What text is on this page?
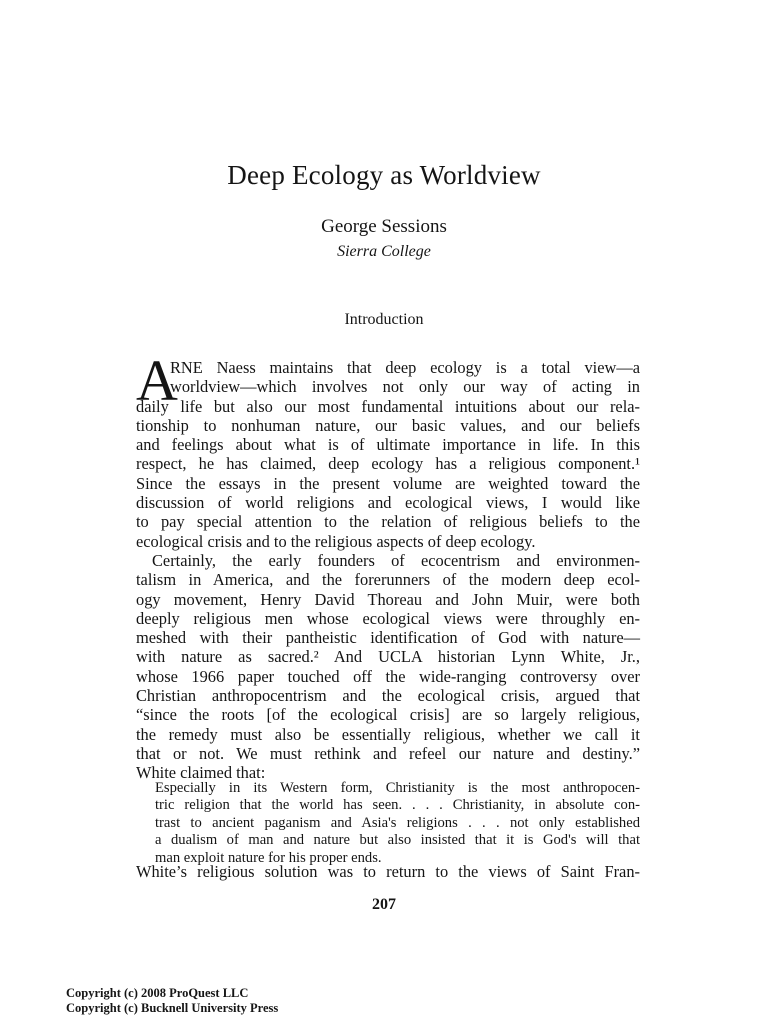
Deep Ecology as Worldview
George Sessions
Sierra College
Introduction
A
RNE Naess maintains that deep ecology is a total view—a
worldview—which involves not only our way of acting in
daily life but also our most fundamental intuitions about our rela-
tionship to nonhuman nature, our basic values, and our beliefs
and feelings about what is of ultimate importance in life. In this
respect, he has claimed, deep ecology has a religious component.¹
Since the essays in the present volume are weighted toward the
discussion of world religions and ecological views, I would like
to pay special attention to the relation of religious beliefs to the
ecological crisis and to the religious aspects of deep ecology.
Certainly, the early founders of ecocentrism and environmen-
talism in America, and the forerunners of the modern deep ecol-
ogy movement, Henry David Thoreau and John Muir, were both
deeply religious men whose ecological views were throughly en-
meshed with their pantheistic identification of God with nature—
with nature as sacred.² And UCLA historian Lynn White, Jr.,
whose 1966 paper touched off the wide-ranging controversy over
Christian anthropocentrism and the ecological crisis, argued that
“since the roots [of the ecological crisis] are so largely religious,
the remedy must also be essentially religious, whether we call it
that or not. We must rethink and refeel our nature and destiny.”
White claimed that:
Especially in its Western form, Christianity is the most anthropocen-
tric religion that the world has seen. . . . Christianity, in absolute con-
trast to ancient paganism and Asia's religions . . . not only established
a dualism of man and nature but also insisted that it is God's will that
man exploit nature for his proper ends.
White’s religious solution was to return to the views of Saint Fran-
207
Copyright (c) 2008 ProQuest LLC
Copyright (c) Bucknell University Press
